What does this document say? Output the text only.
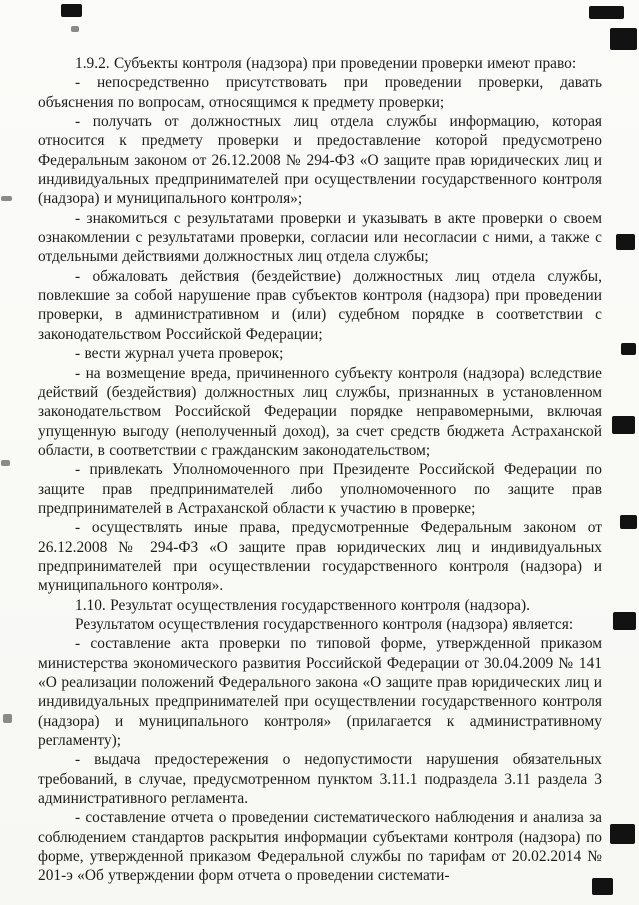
1.9.2. Субъекты контроля (надзора) при проведении проверки имеют право:

- непосредственно присутствовать при проведении проверки, давать объяснения по вопросам, относящимся к предмету проверки;

- получать от должностных лиц отдела службы информацию, которая относится к предмету проверки и предоставление которой предусмотрено Федеральным законом от 26.12.2008 № 294-ФЗ «О защите прав юридических лиц и индивидуальных предпринимателей при осуществлении государственного контроля (надзора) и муниципального контроля»;

- знакомиться с результатами проверки и указывать в акте проверки о своем ознакомлении с результатами проверки, согласии или несогласии с ними, а также с отдельными действиями должностных лиц отдела службы;

- обжаловать действия (бездействие) должностных лиц отдела службы, повлекшие за собой нарушение прав субъектов контроля (надзора) при проведении проверки, в административном и (или) судебном порядке в соответствии с законодательством Российской Федерации;

- вести журнал учета проверок;

- на возмещение вреда, причиненного субъекту контроля (надзора) вследствие действий (бездействия) должностных лиц службы, признанных в установленном законодательством Российской Федерации порядке неправомерными, включая упущенную выгоду (неполученный доход), за счет средств бюджета Астраханской области, в соответствии с гражданским законодательством;

- привлекать Уполномоченного при Президенте Российской Федерации по защите прав предпринимателей либо уполномоченного по защите прав предпринимателей в Астраханской области к участию в проверке;

- осуществлять иные права, предусмотренные Федеральным законом от 26.12.2008 № 294-ФЗ «О защите прав юридических лиц и индивидуальных предпринимателей при осуществлении государственного контроля (надзора) и муниципального контроля».

1.10. Результат осуществления государственного контроля (надзора).

Результатом осуществления государственного контроля (надзора) является:

- составление акта проверки по типовой форме, утвержденной приказом министерства экономического развития Российской Федерации от 30.04.2009 № 141 «О реализации положений Федерального закона «О защите прав юридических лиц и индивидуальных предпринимателей при осуществлении государственного контроля (надзора) и муниципального контроля» (прилагается к административному регламенту);

- выдача предостережения о недопустимости нарушения обязательных требований, в случае, предусмотренном пунктом 3.11.1 подраздела 3.11 раздела 3 административного регламента.

- составление отчета о проведении систематического наблюдения и анализа за соблюдением стандартов раскрытия информации субъектами контроля (надзора) по форме, утвержденной приказом Федеральной службы по тарифам от 20.02.2014 № 201-э «Об утверждении форм отчета о проведении системати-
